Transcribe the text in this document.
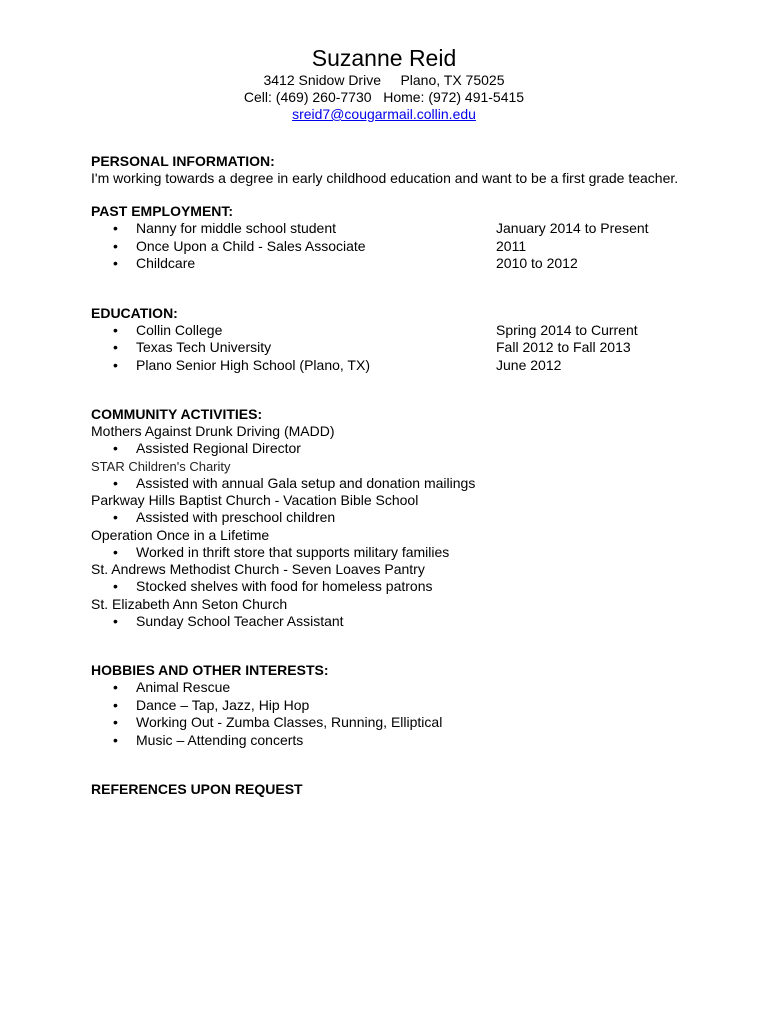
Suzanne Reid
3412 Snidow Drive     Plano, TX 75025
Cell: (469) 260-7730   Home: (972) 491-5415
sreid7@cougarmail.collin.edu
PERSONAL INFORMATION:
I'm working towards a degree in early childhood education and want to be a first grade teacher.
PAST EMPLOYMENT:
• Nanny for middle school student	January 2014 to Present
• Once Upon a Child - Sales Associate	2011
• Childcare	2010 to 2012
EDUCATION:
• Collin College	Spring 2014 to Current
• Texas Tech University	Fall 2012 to Fall 2013
• Plano Senior High School (Plano, TX)	June 2012
COMMUNITY ACTIVITIES:
Mothers Against Drunk Driving (MADD)
• Assisted Regional Director
STAR Children's Charity
• Assisted with annual Gala setup and donation mailings
Parkway Hills Baptist Church - Vacation Bible School
• Assisted with preschool children
Operation Once in a Lifetime
• Worked in thrift store that supports military families
St. Andrews Methodist Church - Seven Loaves Pantry
• Stocked shelves with food for homeless patrons
St. Elizabeth Ann Seton Church
• Sunday School Teacher Assistant
HOBBIES AND OTHER INTERESTS:
• Animal Rescue
• Dance – Tap, Jazz, Hip Hop
• Working Out - Zumba Classes, Running, Elliptical
• Music – Attending concerts
REFERENCES UPON REQUEST
